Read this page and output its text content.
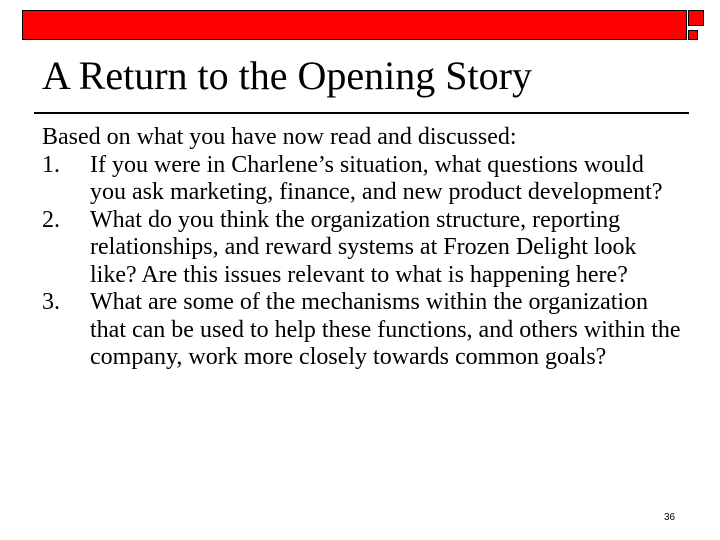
A Return to the Opening Story

Based on what you have now read and discussed:

1. If you were in Charlene’s situation, what questions would you ask marketing, finance, and new product development?
2. What do you think the organization structure, reporting relationships, and reward systems at Frozen Delight look like? Are this issues relevant to what is happening here?
3. What are some of the mechanisms within the organization that can be used to help these functions, and others within the company, work more closely towards common goals?
36
